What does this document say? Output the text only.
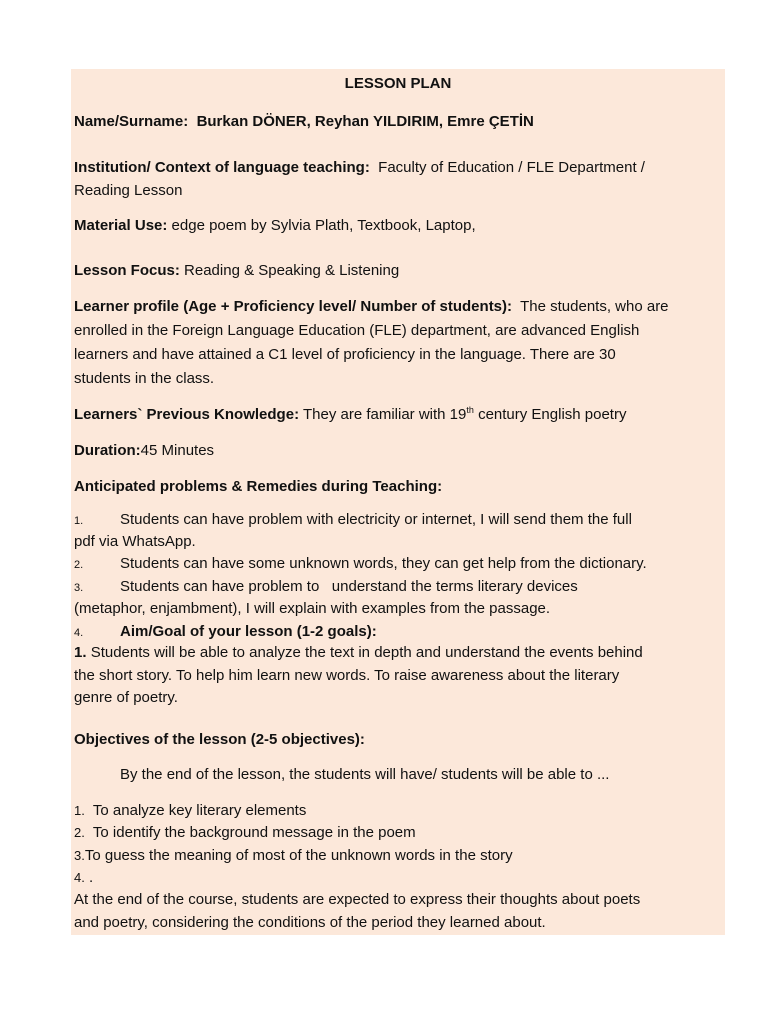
LESSON PLAN
Name/Surname: Burkan DÖNER, Reyhan YILDIRIM, Emre ÇETİN
Institution/ Context of language teaching: Faculty of Education / FLE Department /
Reading Lesson
Material Use: edge poem by Sylvia Plath, Textbook, Laptop,
Lesson Focus: Reading & Speaking & Listening
Learner profile (Age + Proficiency level/ Number of students): The students, who are
enrolled in the Foreign Language Education (FLE) department, are advanced English
learners and have attained a C1 level of proficiency in the language. There are 30
students in the class.
Learners` Previous Knowledge: They are familiar with 19th century English poetry
Duration:45 Minutes
Anticipated problems & Remedies during Teaching:
1. Students can have problem with electricity or internet, I will send them the full
pdf via WhatsApp.
2. Students can have some unknown words, they can get help from the dictionary.
3. Students can have problem to   understand the terms literary devices
(metaphor, enjambment), I will explain with examples from the passage.
4. Aim/Goal of your lesson (1-2 goals):
1. Students will be able to analyze the text in depth and understand the events behind
the short story. To help him learn new words. To raise awareness about the literary
genre of poetry.
Objectives of the lesson (2-5 objectives):
By the end of the lesson, the students will have/ students will be able to ...
1. To analyze key literary elements
2. To identify the background message in the poem
3.To guess the meaning of most of the unknown words in the story
4. .
At the end of the course, students are expected to express their thoughts about poets
and poetry, considering the conditions of the period they learned about.
